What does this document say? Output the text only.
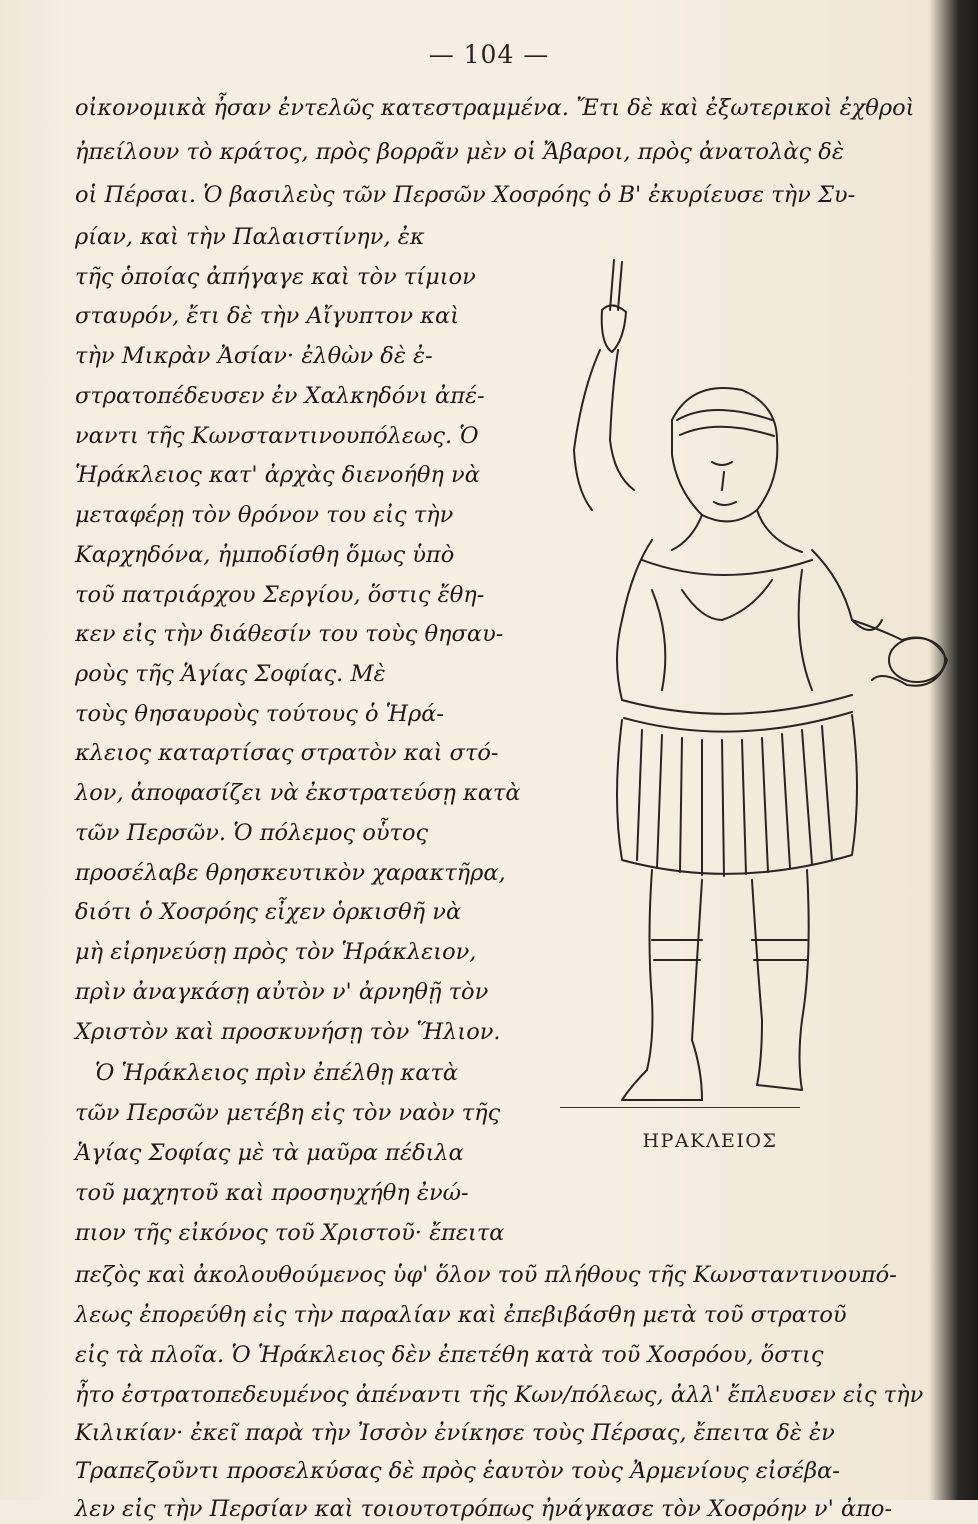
— 104 —
οἰκονομικὰ ἦσαν ἐντελῶς κατεστραμμένα. Ἔτι δὲ καὶ ἐξωτερικοὶ ἐχθροὶ
ἠπείλουν τὸ κράτος, πρὸς βορρᾶν μὲν οἱ Ἄβαροι, πρὸς ἀνατολὰς δὲ
οἱ Πέρσαι. Ὁ βασιλεὺς τῶν Περσῶν Χοσρόης ὁ Β' ἐκυρίευσε τὴν Συ-
ρίαν, καὶ τὴν Παλαιστίνην, ἐκ
τῆς ὁποίας ἀπήγαγε καὶ τὸν τίμιον
σταυρόν, ἔτι δὲ τὴν Αἴγυπτον καὶ
τὴν Μικρὰν Ἀσίαν· ἐλθὼν δὲ ἐ-
στρατοπέδευσεν ἐν Χαλκηδόνι ἀπέ-
ναντι τῆς Κωνσταντινουπόλεως. Ὁ
Ἡράκλειος κατ' ἀρχὰς διενοήθη νὰ
μεταφέρῃ τὸν θρόνον του εἰς τὴν
Καρχηδόνα, ἠμποδίσθη ὅμως ὑπὸ
τοῦ πατριάρχου Σεργίου, ὅστις ἔθη-
κεν εἰς τὴν διάθεσίν του τοὺς θησαυ-
ροὺς τῆς Ἁγίας Σοφίας. Μὲ
τοὺς θησαυροὺς τούτους ὁ Ἡρά-
κλειος καταρτίσας στρατὸν καὶ στό-
λον, ἀποφασίζει νὰ ἐκστρατεύσῃ κατὰ
τῶν Περσῶν. Ὁ πόλεμος οὗτος
προσέλαβε θρησκευτικὸν χαρακτῆρα,
διότι ὁ Χοσρόης εἶχεν ὁρκισθῆ νὰ
μὴ εἰρηνεύσῃ πρὸς τὸν Ἡράκλειον,
πρὶν ἀναγκάσῃ αὐτὸν ν' ἀρνηθῇ τὸν
Χριστὸν καὶ προσκυνήσῃ τὸν Ἥλιον.
Ὁ Ἡράκλειος πρὶν ἐπέλθῃ κατὰ
τῶν Περσῶν μετέβη εἰς τὸν ναὸν τῆς
Ἁγίας Σοφίας μὲ τὰ μαῦρα πέδιλα
τοῦ μαχητοῦ καὶ προσηυχήθη ἐνώ-
πιον τῆς εἰκόνος τοῦ Χριστοῦ· ἔπειτα
πεζὸς καὶ ἀκολουθούμενος ὑφ' ὅλον τοῦ πλήθους τῆς Κωνσταντινουπό-
λεως ἐπορεύθη εἰς τὴν παραλίαν καὶ ἐπεβιβάσθη μετὰ τοῦ στρατοῦ
εἰς τὰ πλοῖα. Ὁ Ἡράκλειος δὲν ἐπετέθη κατὰ τοῦ Χοσρόου, ὅστις
ἦτο ἐστρατοπεδευμένος ἀπέναντι τῆς Κων/πόλεως, ἀλλ' ἔπλευσεν εἰς τὴν
Κιλικίαν· ἐκεῖ παρὰ τὴν Ἰσσὸν ἐνίκησε τοὺς Πέρσας, ἔπειτα δὲ ἐν
Τραπεζοῦντι προσελκύσας δὲ πρὸς ἑαυτὸν τοὺς Ἀρμενίους εἰσέβα-
λεν εἰς τὴν Περσίαν καὶ τοιουτοτρόπως ἠνάγκασε τὸν Χοσρόην ν' ἀπο-
ΗΡΑΚΛΕΙΟΣ
